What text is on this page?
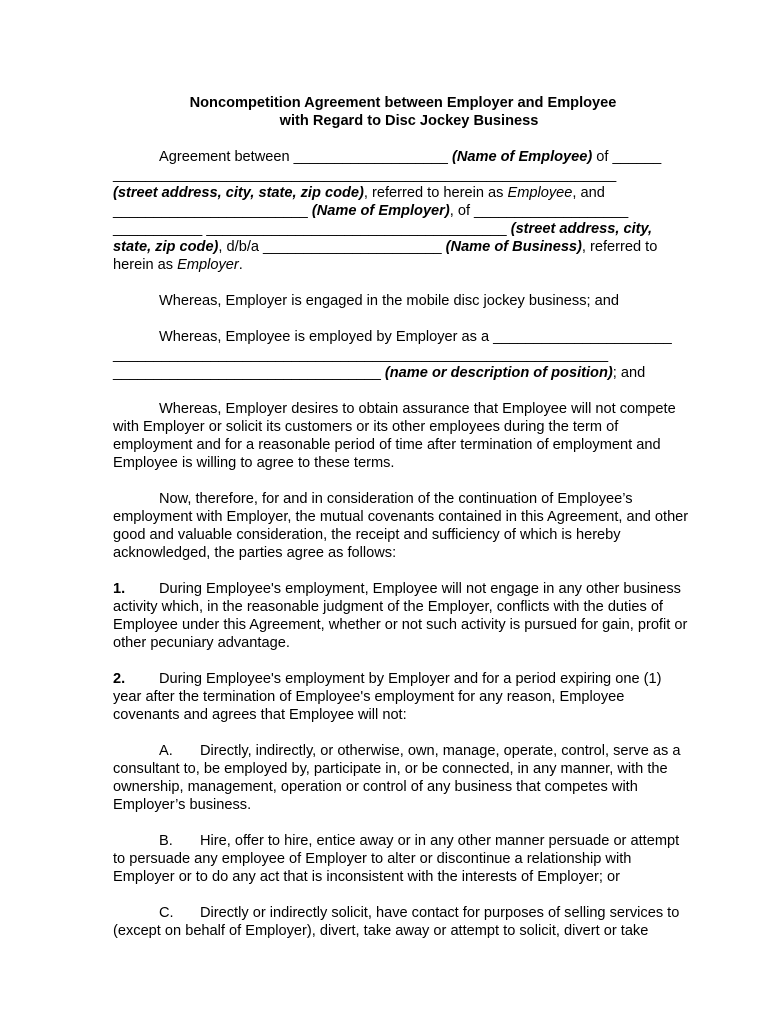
Noncompetition Agreement between Employer and Employee
with Regard to Disc Jockey Business

Agreement between ___________________ (Name of Employee) of ______
______________________________________________________________
(street address, city, state, zip code), referred to herein as Employee, and
________________________ (Name of Employer), of ___________________
___________ _____________________________________ (street address, city,
state, zip code), d/b/a ______________________ (Name of Business), referred to
herein as Employer.

Whereas, Employer is engaged in the mobile disc jockey business; and

Whereas, Employee is employed by Employer as a ______________________
_____________________________________________________________
_________________________________ (name or description of position); and

Whereas, Employer desires to obtain assurance that Employee will not compete with Employer or solicit its customers or its other employees during the term of employment and for a reasonable period of time after termination of employment and Employee is willing to agree to these terms.

Now, therefore, for and in consideration of the continuation of Employee’s employment with Employer, the mutual covenants contained in this Agreement, and other good and valuable consideration, the receipt and sufficiency of which is hereby acknowledged, the parties agree as follows:

1. During Employee's employment, Employee will not engage in any other business activity which, in the reasonable judgment of the Employer, conflicts with the duties of Employee under this Agreement, whether or not such activity is pursued for gain, profit or other pecuniary advantage.

2. During Employee's employment by Employer and for a period expiring one (1) year after the termination of Employee's employment for any reason, Employee covenants and agrees that Employee will not:

A. Directly, indirectly, or otherwise, own, manage, operate, control, serve as a consultant to, be employed by, participate in, or be connected, in any manner, with the ownership, management, operation or control of any business that competes with Employer’s business.

B. Hire, offer to hire, entice away or in any other manner persuade or attempt to persuade any employee of Employer to alter or discontinue a relationship with Employer or to do any act that is inconsistent with the interests of Employer; or

C. Directly or indirectly solicit, have contact for purposes of selling services to (except on behalf of Employer), divert, take away or attempt to solicit, divert or take
